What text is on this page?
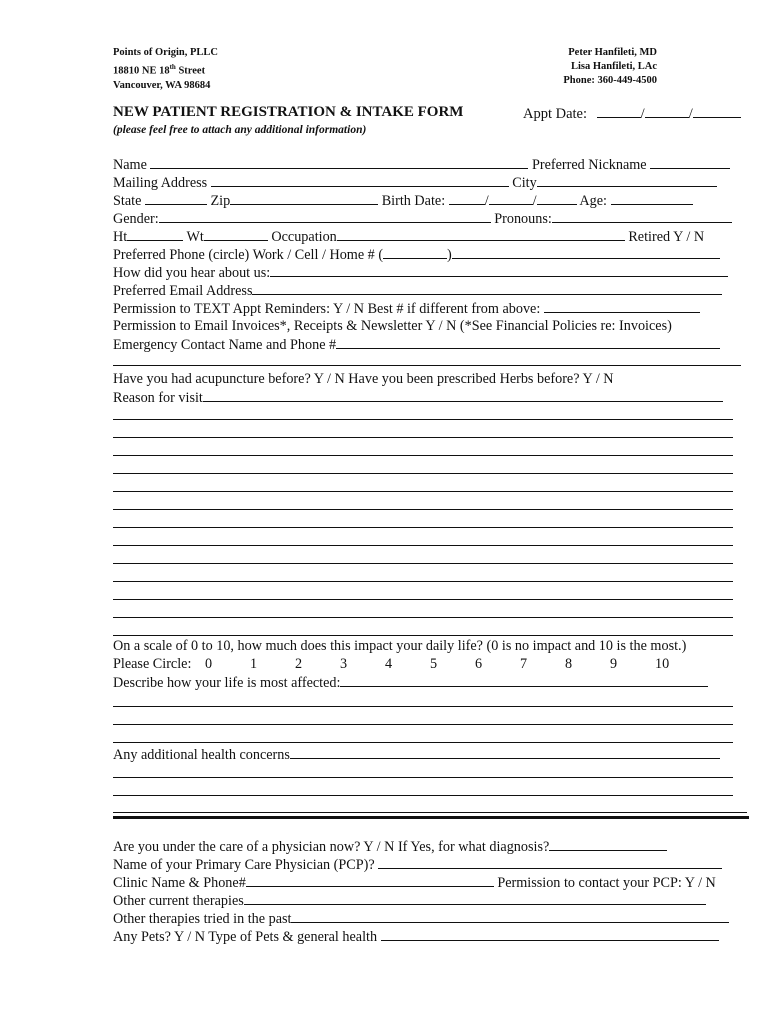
Points of Origin, PLLC
18810 NE 18th Street
Vancouver, WA 98684
Peter Hanfileti, MD
Lisa Hanfileti, LAc
Phone: 360-449-4500
NEW PATIENT REGISTRATION & INTAKE FORM	Appt Date:	/	/
(please feel free to attach any additional information)
Name	Preferred Nickname
Mailing Address	City
State	Zip	Birth Date:	/	/	Age:
Gender:	Pronouns:
Ht	Wt	Occupation	Retired Y / N
Preferred Phone (circle) Work / Cell / Home # (	)
How did you hear about us:
Preferred Email Address
Permission to TEXT Appt Reminders: Y / N Best # if different from above:
Permission to Email Invoices*, Receipts & Newsletter Y / N (*See Financial Policies re: Invoices)
Emergency Contact Name and Phone #
Have you had acupuncture before? Y / N Have you been prescribed Herbs before? Y / N
Reason for visit
On a scale of 0 to 10, how much does this impact your daily life? (0 is no impact and 10 is the most.)
Please Circle: 0	1	2	3	4	5	6	7	8	9	10
Describe how your life is most affected:
Any additional health concerns
Are you under the care of a physician now? Y / N If Yes, for what diagnosis?
Name of your Primary Care Physician (PCP)?
Clinic Name & Phone#	Permission to contact your PCP: Y / N
Other current therapies
Other therapies tried in the past
Any Pets? Y / N Type of Pets & general health
